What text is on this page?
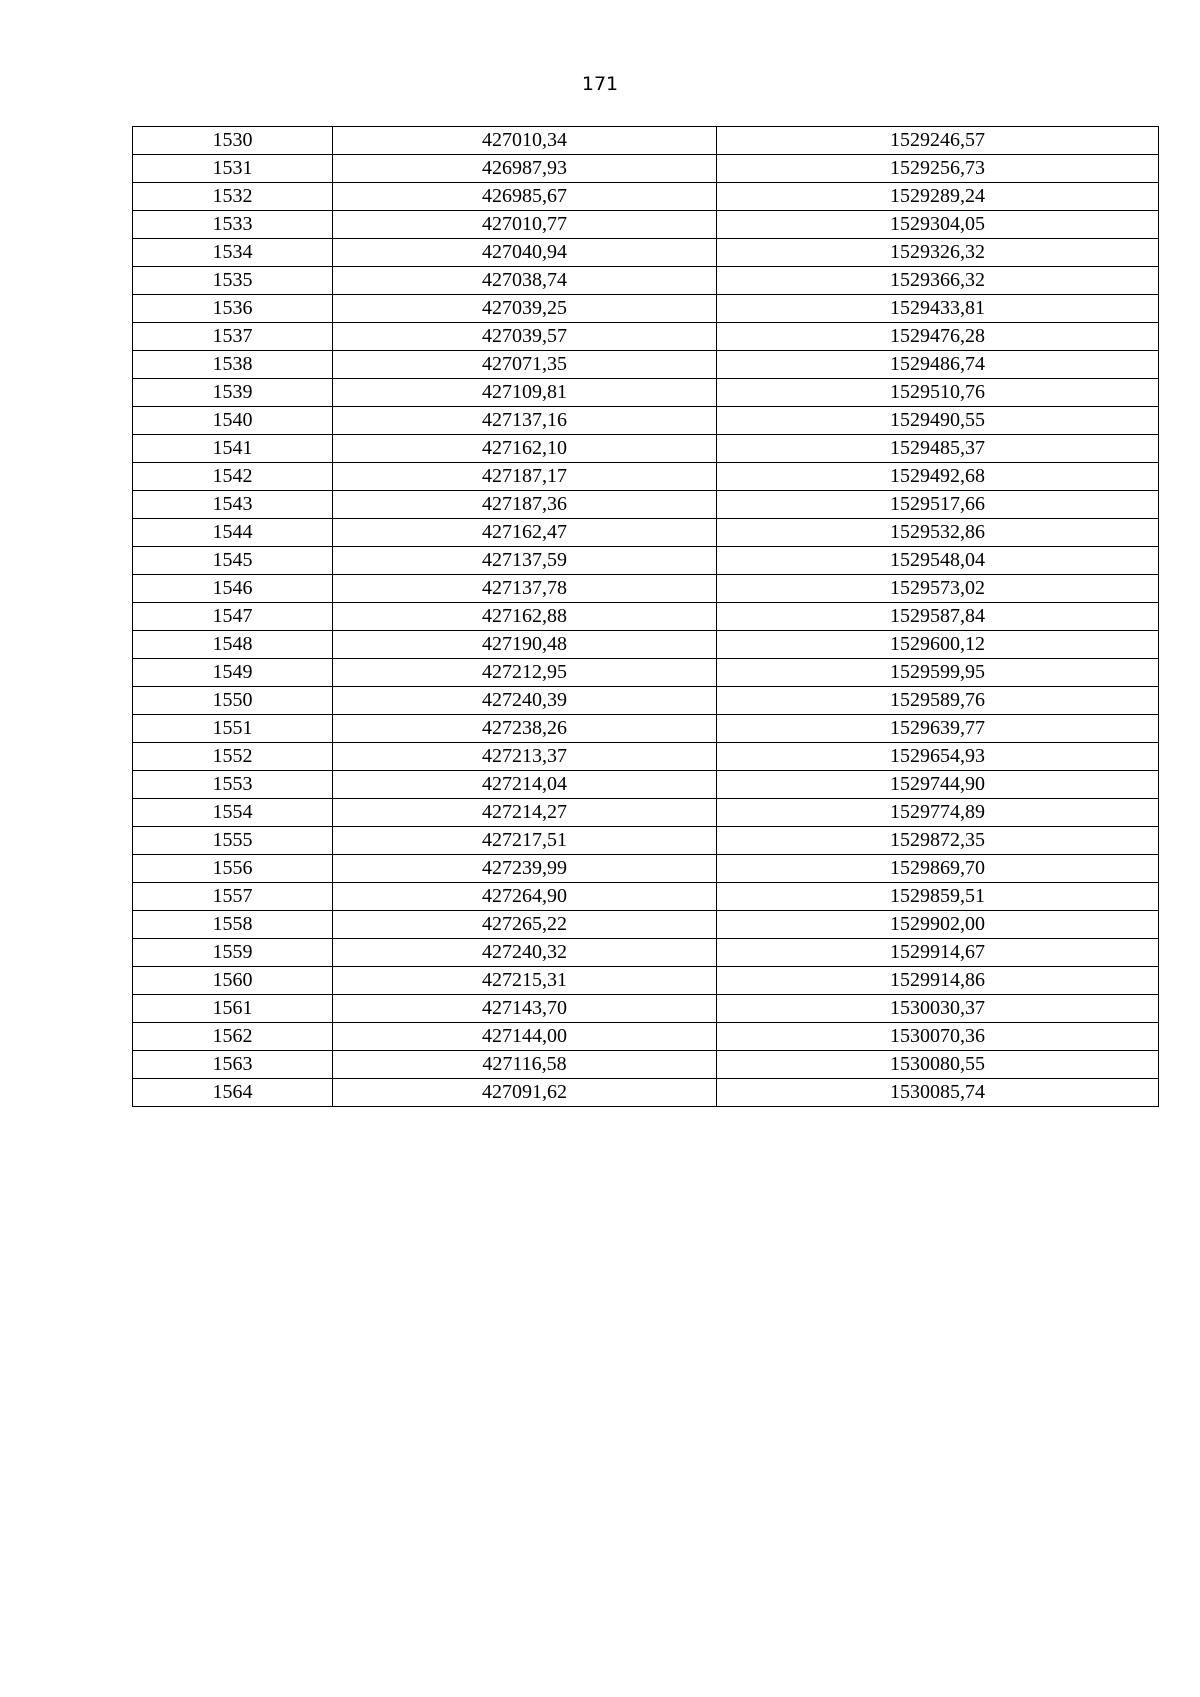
171
1530	427010,34	1529246,57
1531	426987,93	1529256,73
1532	426985,67	1529289,24
1533	427010,77	1529304,05
1534	427040,94	1529326,32
1535	427038,74	1529366,32
1536	427039,25	1529433,81
1537	427039,57	1529476,28
1538	427071,35	1529486,74
1539	427109,81	1529510,76
1540	427137,16	1529490,55
1541	427162,10	1529485,37
1542	427187,17	1529492,68
1543	427187,36	1529517,66
1544	427162,47	1529532,86
1545	427137,59	1529548,04
1546	427137,78	1529573,02
1547	427162,88	1529587,84
1548	427190,48	1529600,12
1549	427212,95	1529599,95
1550	427240,39	1529589,76
1551	427238,26	1529639,77
1552	427213,37	1529654,93
1553	427214,04	1529744,90
1554	427214,27	1529774,89
1555	427217,51	1529872,35
1556	427239,99	1529869,70
1557	427264,90	1529859,51
1558	427265,22	1529902,00
1559	427240,32	1529914,67
1560	427215,31	1529914,86
1561	427143,70	1530030,37
1562	427144,00	1530070,36
1563	427116,58	1530080,55
1564	427091,62	1530085,74
